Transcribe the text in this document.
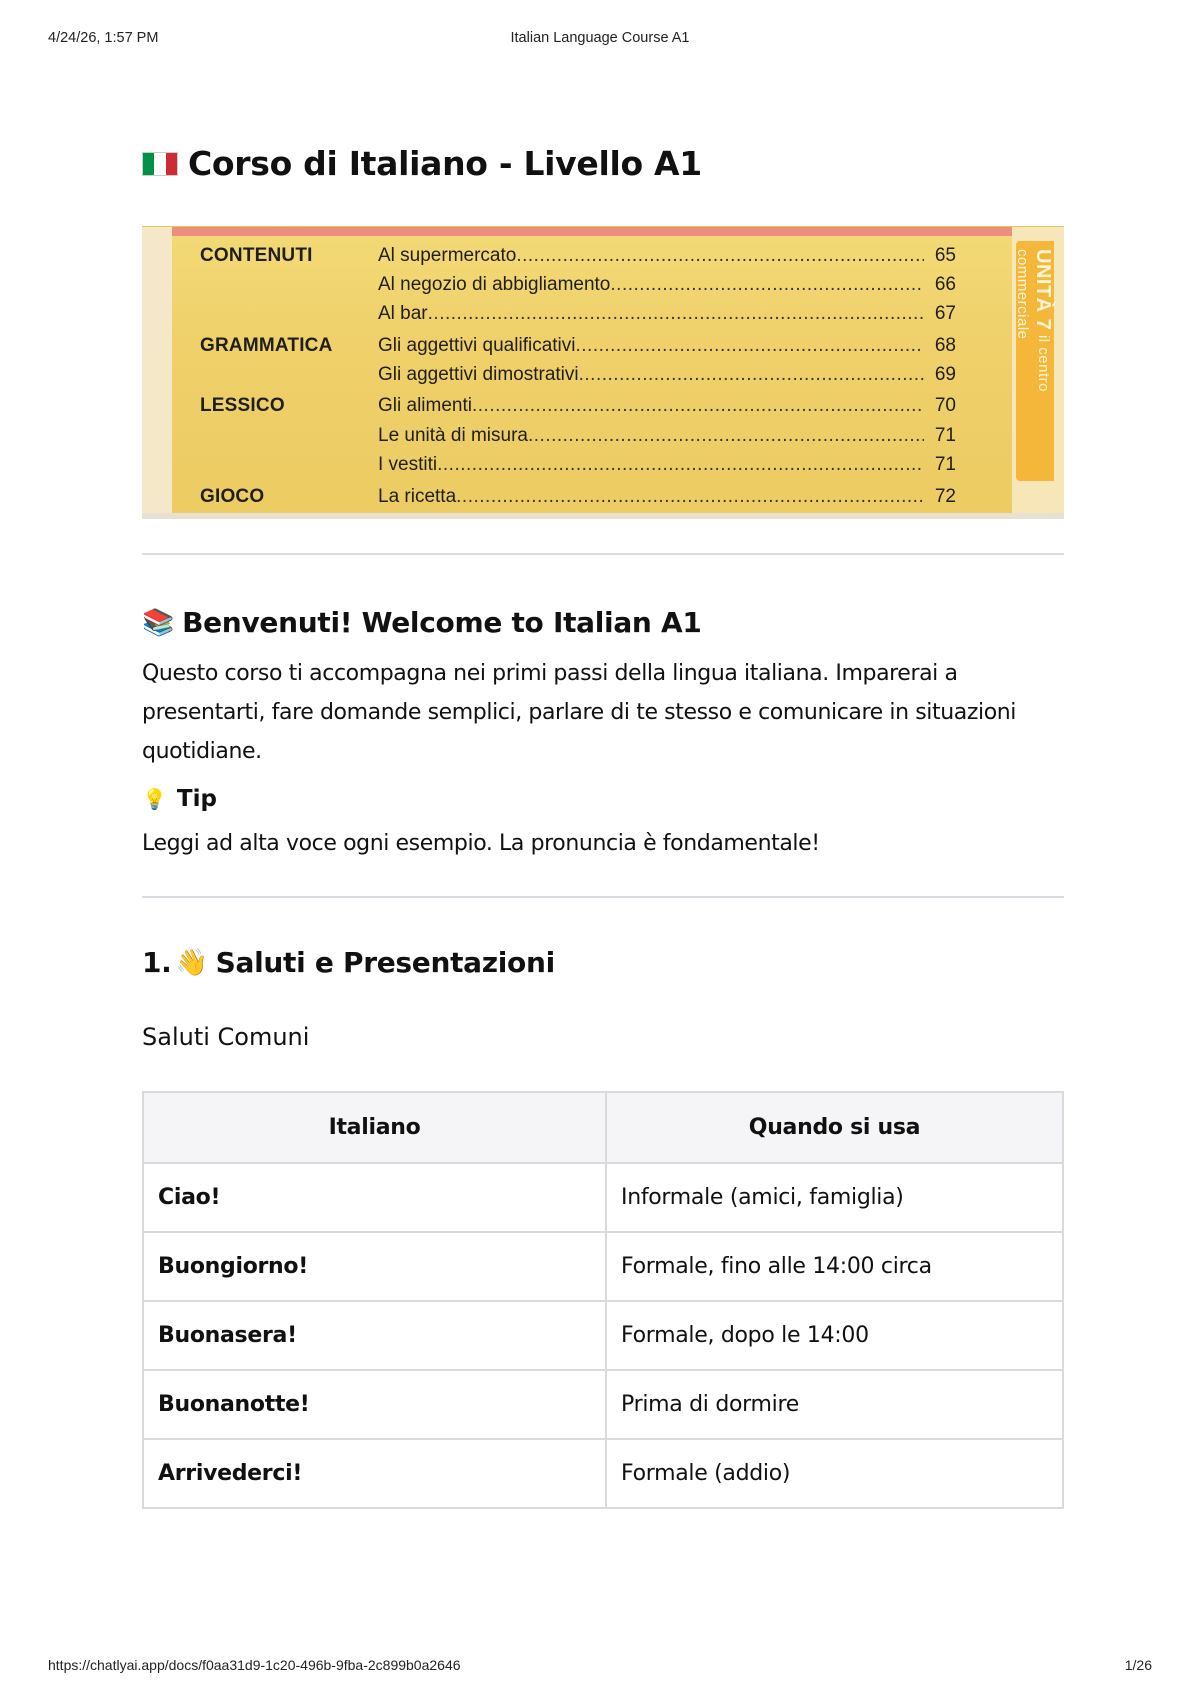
4/24/26, 1:57 PM	Italian Language Course A1
Corso di Italiano - Livello A1
UNITÀ 7 il centro commerciale
CONTENUTI	Al supermercato .....	65
Al negozio di abbigliamento .....	66
Al bar .....	67
GRAMMATICA Gli aggettivi qualificativi .....	68
Gli aggettivi dimostrativi .....	69
LESSICO	Gli alimenti .....	70
Le unità di misura .....	71
I vestiti .....	71
GIOCO	La ricetta .....	72
📚 Benvenuti! Welcome to Italian A1

Questo corso ti accompagna nei primi passi della lingua italiana. Imparerai a presentarti, fare domande semplici, parlare di te stesso e comunicare in situazioni quotidiane.

💡 Tip

Leggi ad alta voce ogni esempio. La pronuncia è fondamentale!

1. 👋 Saluti e Presentazioni
Saluti Comuni
Italiano	Quando si usa
Ciao!	Informale (amici, famiglia)
Buongiorno!	Formale, fino alle 14:00 circa
Buonasera!	Formale, dopo le 14:00
Buonanotte!	Prima di dormire
Arrivederci!	Formale (addio)
https://chatlyai.app/docs/f0aa31d9-1c20-496b-9fba-2c899b0a2646	1/26
